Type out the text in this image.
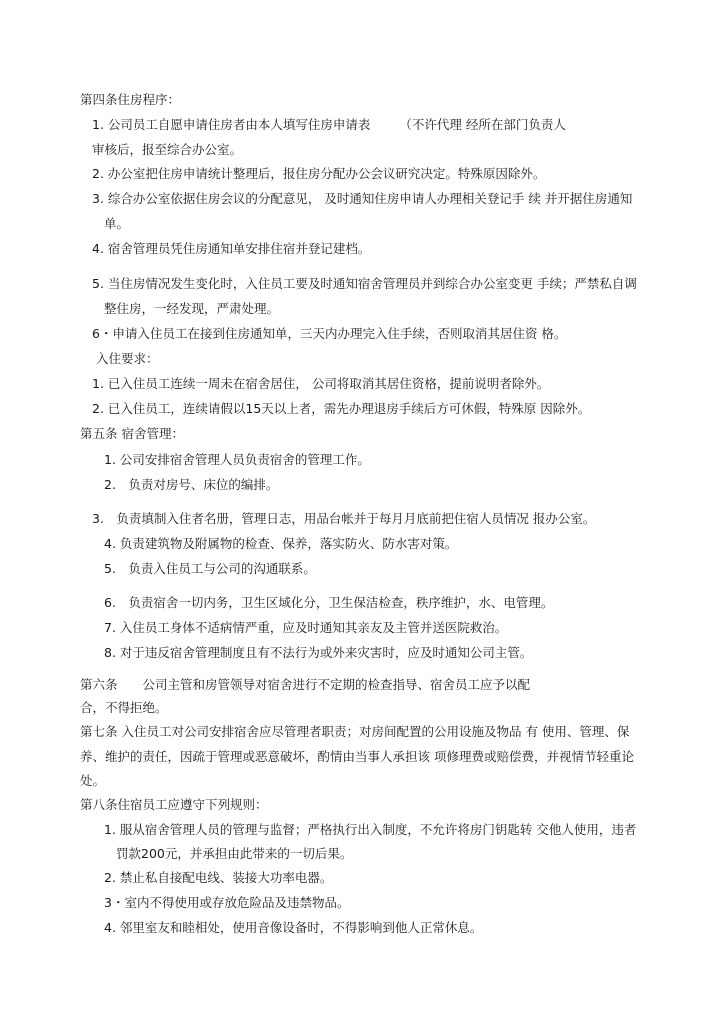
第四条住房程序：
1. 公司员工自愿申请住房者由本人填写住房申请表　　 （不许代理 经所在部门负责人
审核后，报至综合办公室。
2. 办公室把住房申请统计整理后，报住房分配办公会议研究决定。特殊原因除外。
3. 综合办公室依据住房会议的分配意见， 及时通知住房申请人办理相关登记手 续 并开据住房通知
单。
4. 宿舍管理员凭住房通知单安排住宿并登记建档。
5. 当住房情况发生变化时，入住员工要及时通知宿舍管理员并到综合办公室变更 手续；严禁私自调
整住房，一经发现，严肃处理。
6・申请入住员工在接到住房通知单，三天内办理完入住手续，否则取消其居住资 格。
入住要求：
1. 已入住员工连续一周未在宿舍居住， 公司将取消其居住资格，提前说明者除外。
2. 已入住员工，连续请假以15天以上者，需先办理退房手续后方可休假，特殊原 因除外。
第五条 宿舍管理：
1. 公司安排宿舍管理人员负责宿舍的管理工作。
2.　负责对房号、床位的编排。
3.　负责填制入住者名册，管理日志，用品台帐并于每月月底前把住宿人员情况 报办公室。
4. 负责建筑物及附属物的检查、保养，落实防火、防水害对策。
5.　负责入住员工与公司的沟通联系。
6.　负责宿舍一切内务，卫生区域化分，卫生保洁检查，秩序维护，水、电管理。
7. 入住员工身体不适病情严重，应及时通知其亲友及主管并送医院救治。
8. 对于违反宿舍管理制度且有不法行为或外来灾害时，应及时通知公司主管。
第六条　　公司主管和房管领导对宿舍进行不定期的检查指导、宿舍员工应予以配
合，不得拒绝。
第七条 入住员工对公司安排宿舍应尽管理者职责；对房间配置的公用设施及物品 有 使用、管理、保
养、维护的责任，因疏于管理或恶意破坏，酌情由当事人承担该 项修理费或赔偿费，并视情节轻重论
处。
第八条住宿员工应遵守下列规则：
1. 服从宿舍管理人员的管理与监督；严格执行出入制度，不允许将房门钥匙转 交他人使用，违者
罚款200元，并承担由此带来的一切后果。
2. 禁止私自接配电线、装接大功率电器。
3・室内不得使用或存放危险品及违禁物品。
4. 邻里室友和睦相处，使用音像设备时，不得影响到他人正常休息。
